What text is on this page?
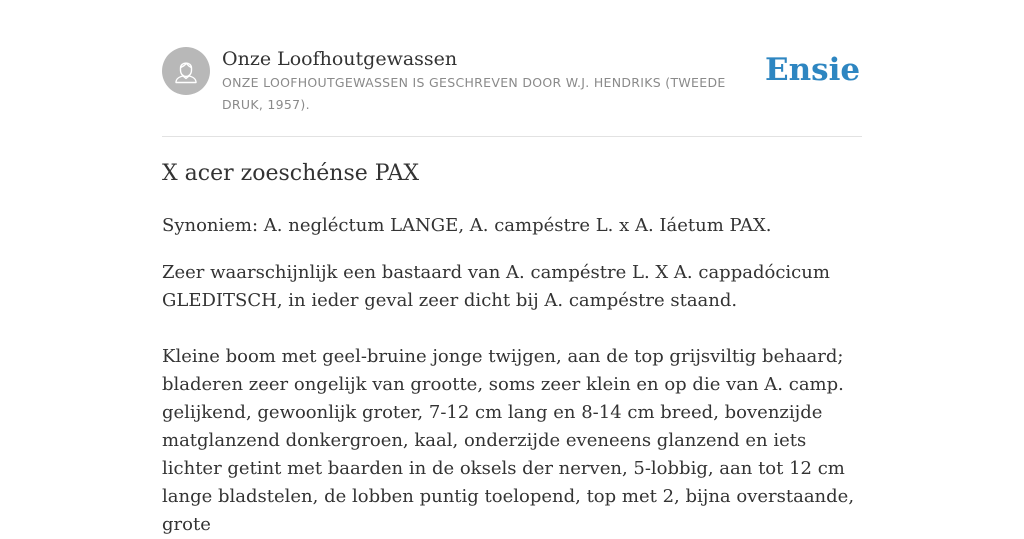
Onze Loofhoutgewassen
ONZE LOOFHOUTGEWASSEN IS GESCHREVEN DOOR W.J. HENDRIKS (TWEEDE DRUK, 1957).
Ensie
X acer zoeschénse PAX

Synoniem: A. negléctum LANGE, A. campéstre L. x A. Iáetum PAX.

Zeer waarschijnlijk een bastaard van A. campéstre L. X A. cappadócicum GLEDITSCH, in ieder geval zeer dicht bij A. campéstre staand.

Kleine boom met geel-bruine jonge twijgen, aan de top grijsviltig behaard; bladeren zeer ongelijk van grootte, soms zeer klein en op die van A. camp. gelijkend, gewoonlijk groter, 7-12 cm lang en 8-14 cm breed, bovenzijde matglanzend donkergroen, kaal, onderzijde eveneens glanzend en iets lichter getint met baarden in de oksels der nerven, 5-lobbig, aan tot 12 cm lange bladstelen, de lobben puntig toelopend, top met 2, bijna overstaande, grote
